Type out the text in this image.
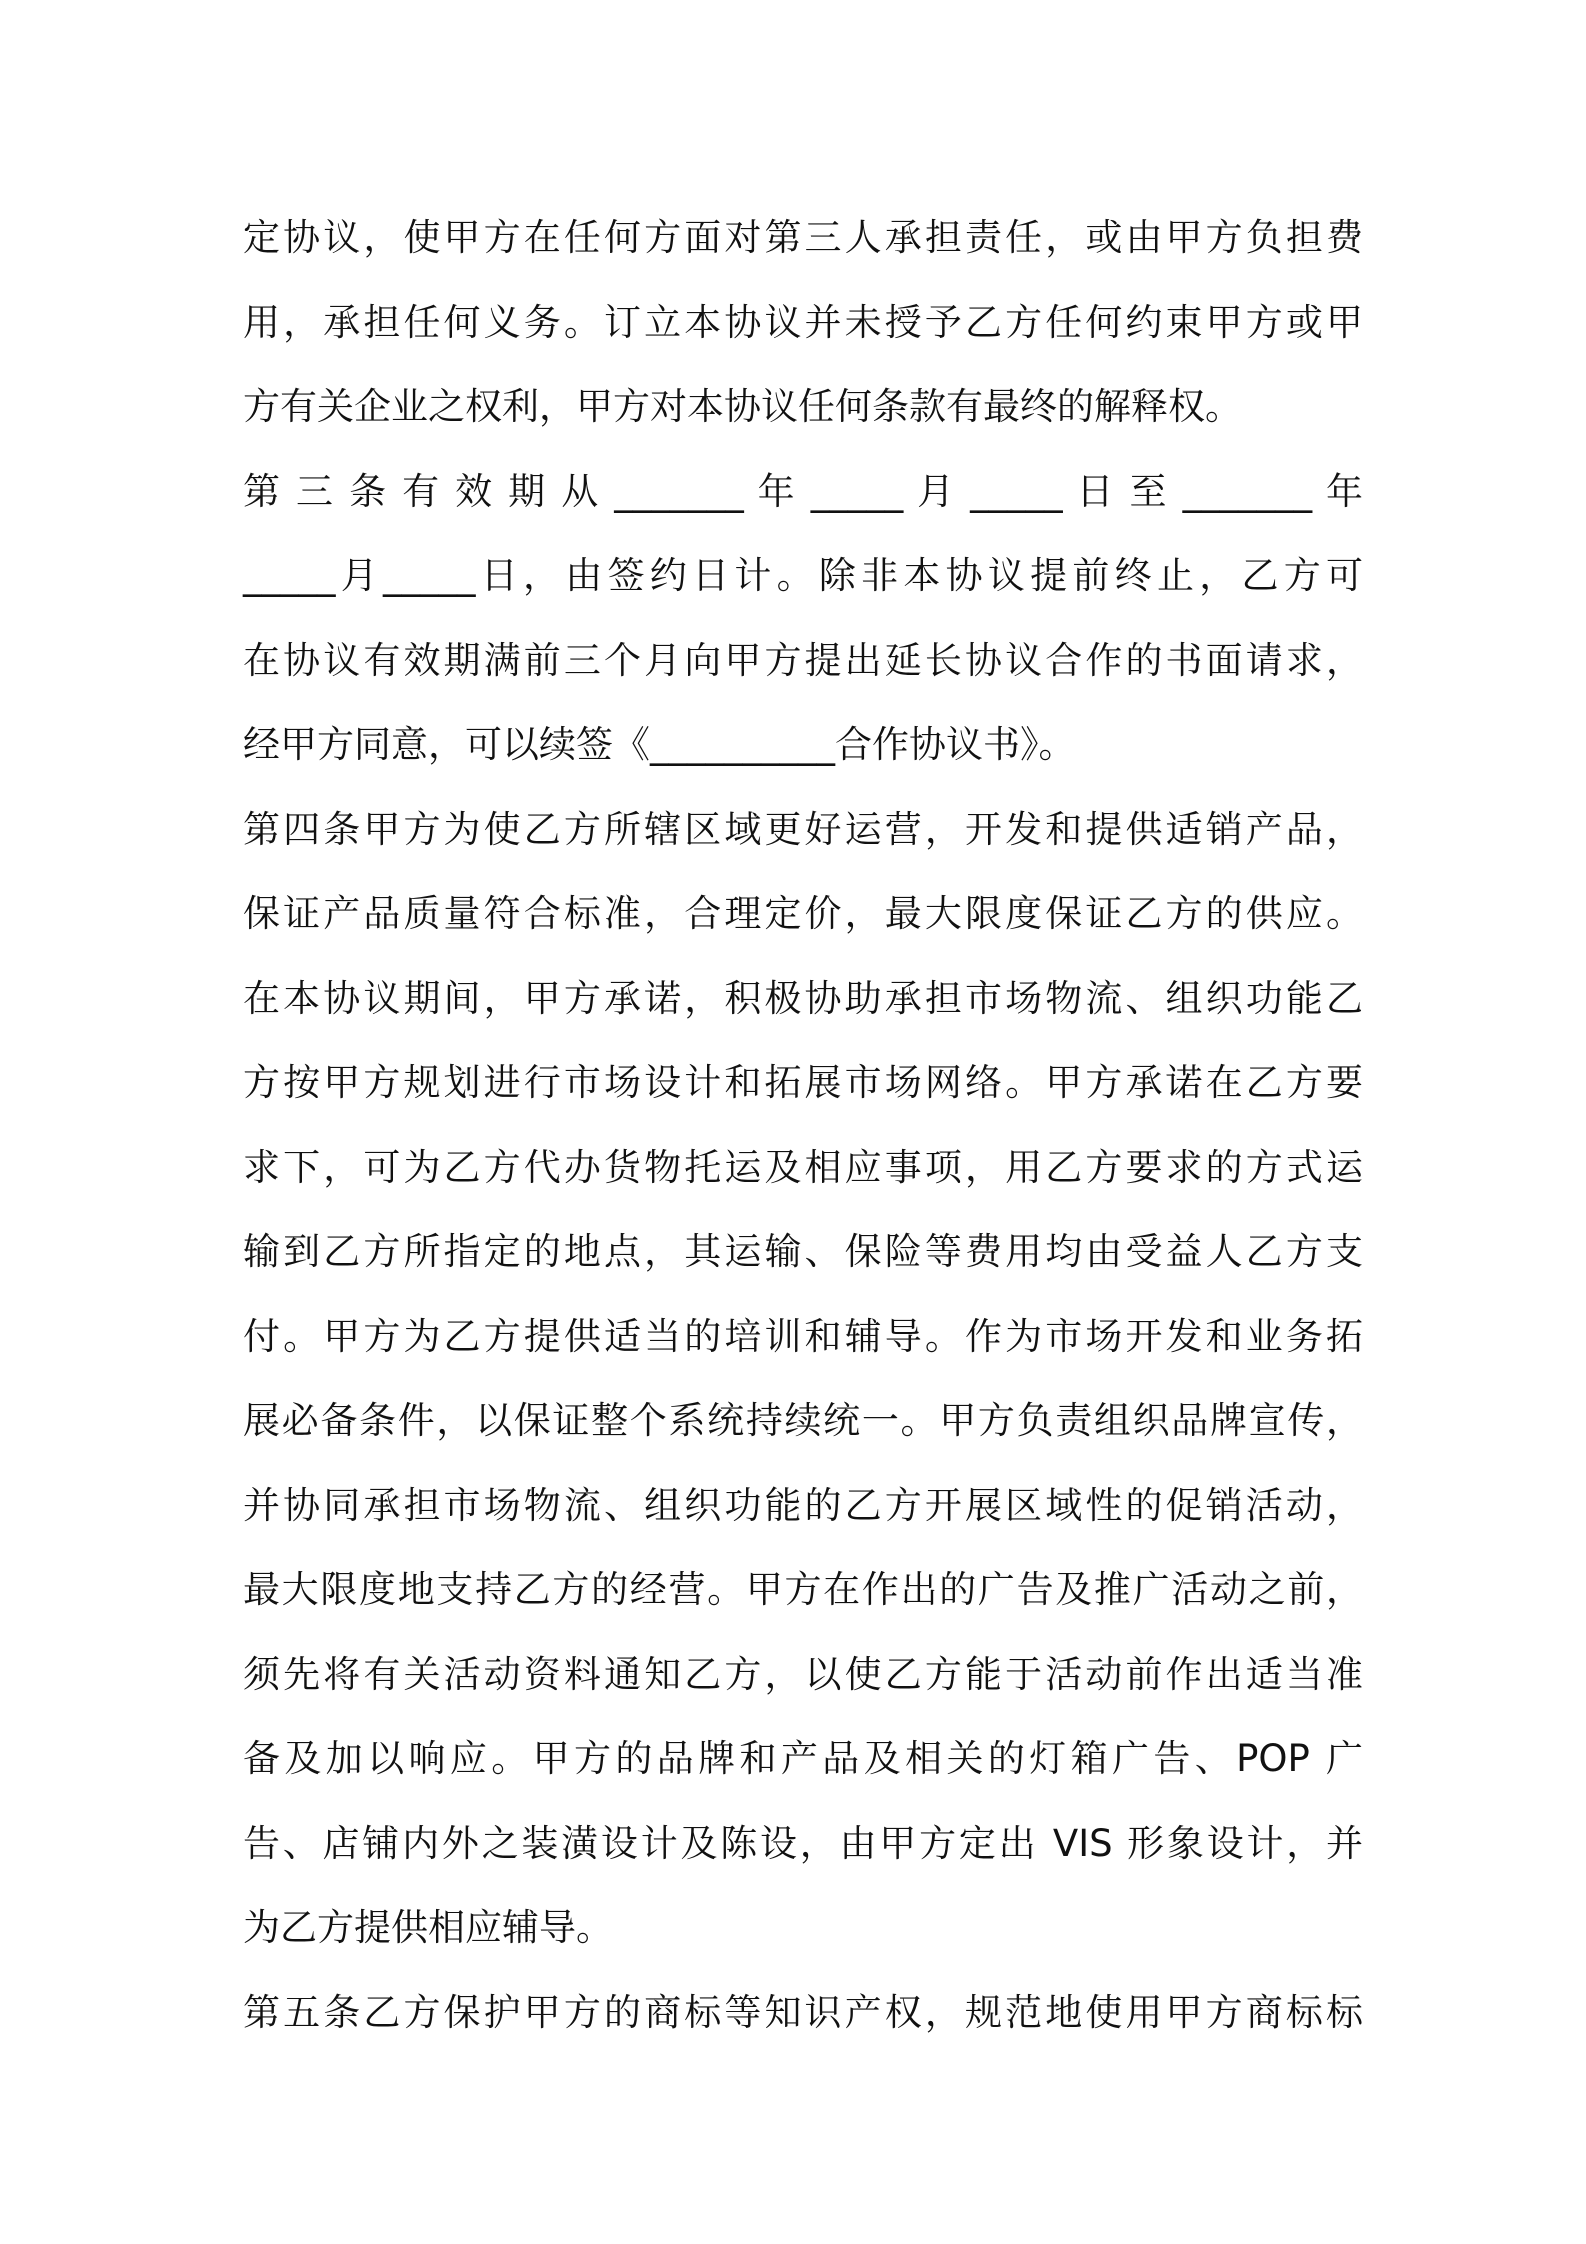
定协议，使甲方在任何方面对第三人承担责任，或由甲方负担费
用，承担任何义务。订立本协议并未授予乙方任何约束甲方或甲
方有关企业之权利，甲方对本协议任何条款有最终的解释权。
第 三 条 有 效 期 从 _______ 年 _____ 月 _____ 日 至 _______ 年
_____月_____日，由签约日计。除非本协议提前终止，乙方可
在协议有效期满前三个月向甲方提出延长协议合作的书面请求，
经甲方同意，可以续签《__________合作协议书》。
第四条甲方为使乙方所辖区域更好运营，开发和提供适销产品，
保证产品质量符合标准，合理定价，最大限度保证乙方的供应。
在本协议期间，甲方承诺，积极协助承担市场物流、组织功能乙
方按甲方规划进行市场设计和拓展市场网络。甲方承诺在乙方要
求下，可为乙方代办货物托运及相应事项，用乙方要求的方式运
输到乙方所指定的地点，其运输、保险等费用均由受益人乙方支
付。甲方为乙方提供适当的培训和辅导。作为市场开发和业务拓
展必备条件，以保证整个系统持续统一。甲方负责组织品牌宣传，
并协同承担市场物流、组织功能的乙方开展区域性的促销活动，
最大限度地支持乙方的经营。甲方在作出的广告及推广活动之前，
须先将有关活动资料通知乙方，以使乙方能于活动前作出适当准
备及加以响应。甲方的品牌和产品及相关的灯箱广告、POP 广
告、店铺内外之装潢设计及陈设，由甲方定出 VIS 形象设计，并
为乙方提供相应辅导。
第五条乙方保护甲方的商标等知识产权，规范地使用甲方商标标
